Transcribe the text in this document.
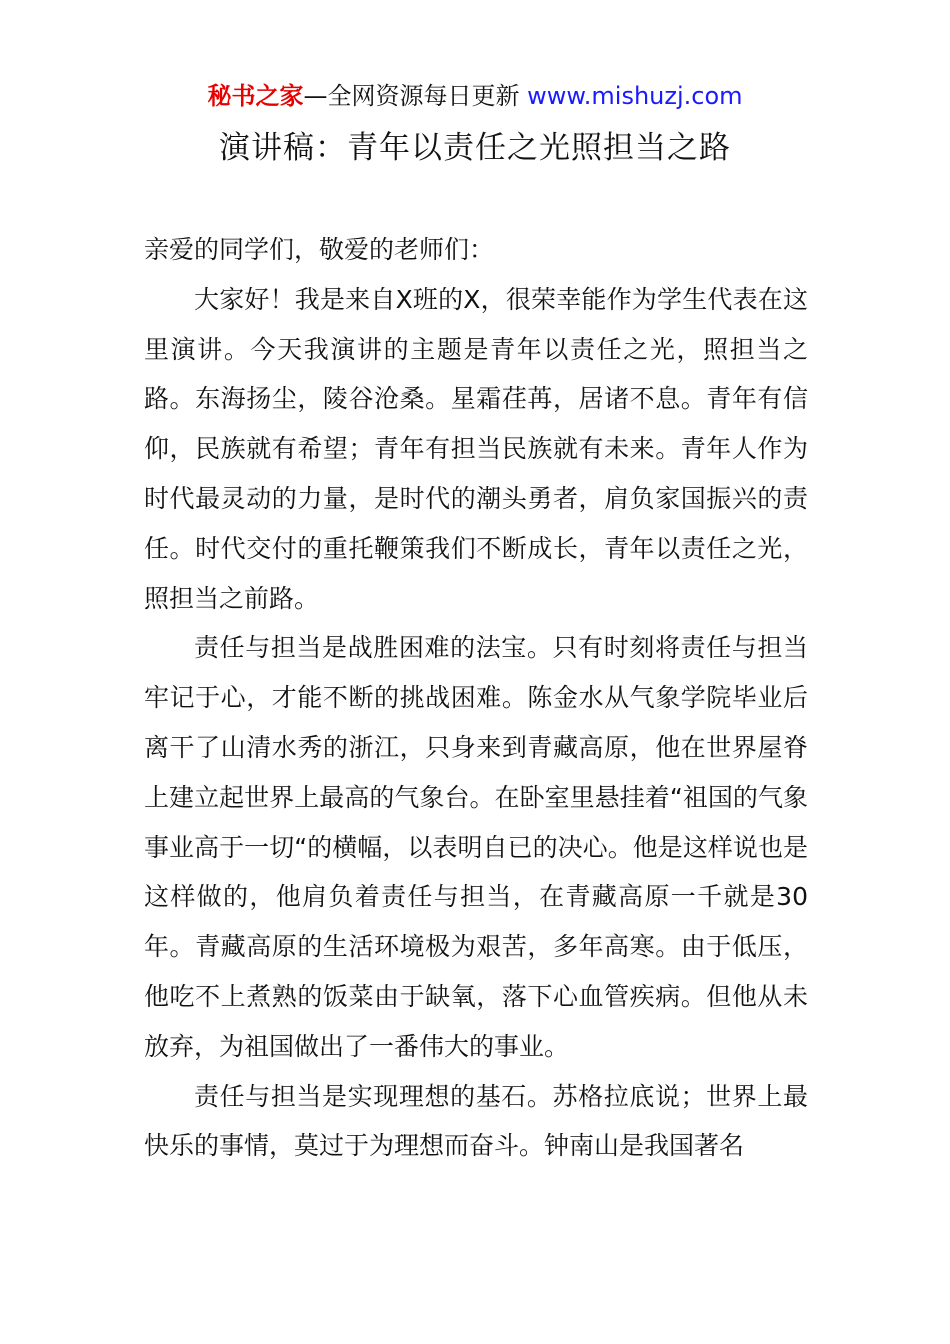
秘书之家—全网资源每日更新 www.mishuzj.com
演讲稿：青年以责任之光照担当之路

亲爱的同学们，敬爱的老师们：

大家好！我是来自X班的X，很荣幸能作为学生代表在这里演讲。今天我演讲的主题是青年以责任之光，照担当之路。东海扬尘，陵谷沧桑。星霜荏苒，居诸不息。青年有信仰，民族就有希望；青年有担当民族就有未来。青年人作为时代最灵动的力量，是时代的潮头勇者，肩负家国振兴的责任。时代交付的重托鞭策我们不断成长，青年以责任之光，照担当之前路。

责任与担当是战胜困难的法宝。只有时刻将责任与担当牢记于心，才能不断的挑战困难。陈金水从气象学院毕业后离干了山清水秀的浙江，只身来到青藏高原，他在世界屋脊上建立起世界上最高的气象台。在卧室里悬挂着“祖国的气象事业高于一切“的横幅，以表明自已的决心。他是这样说也是这样做的，他肩负着责任与担当，在青藏高原一千就是30年。青藏高原的生活环境极为艰苦，多年高寒。由于低压，他吃不上煮熟的饭菜由于缺氧，落下心血管疾病。但他从未放弃，为祖国做出了一番伟大的事业。

责任与担当是实现理想的基石。苏格拉底说；世界上最快乐的事情，莫过于为理想而奋斗。钟南山是我国著名
